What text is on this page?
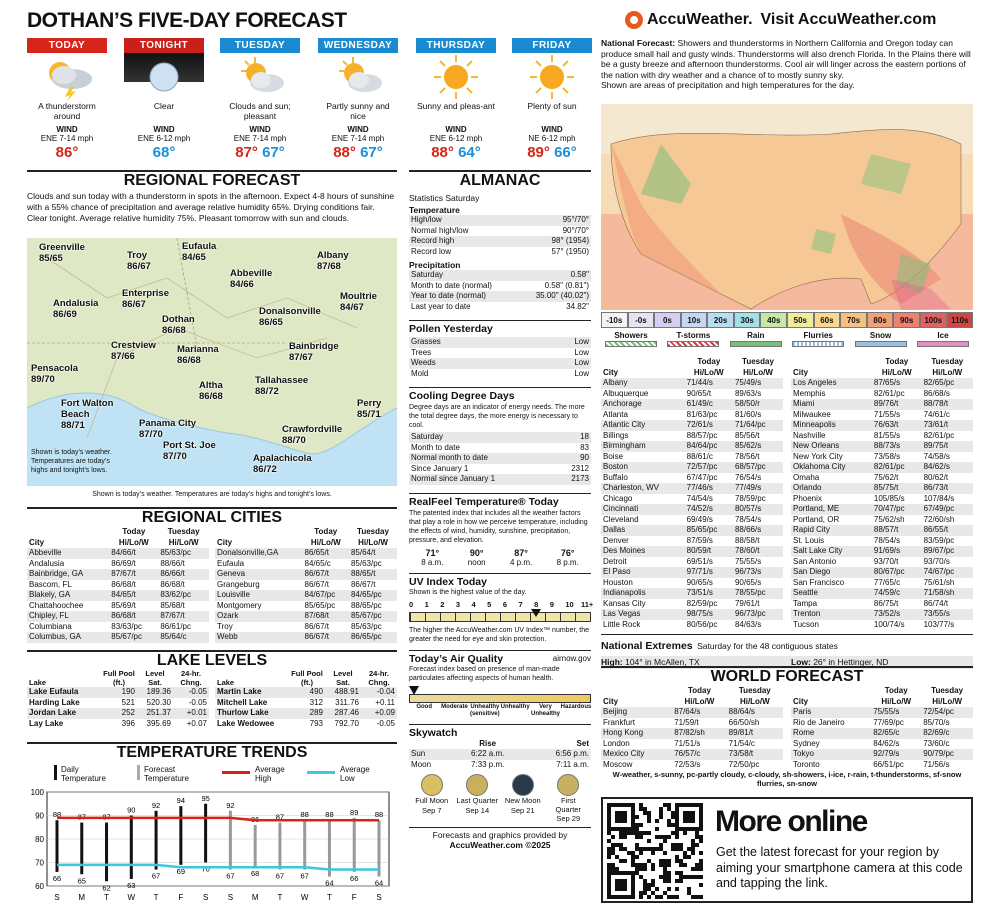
DOTHAN’S FIVE-DAY FORECAST	AccuWeather. Visit AccuWeather.com
TODAY
A thunderstorm around
WIND
ENE 7-14 mph
86°
TONIGHT
Clear
WIND
ENE 6-12 mph
68°
TUESDAY
Clouds and sun; pleasant
WIND
ENE 7-14 mph
87° 67°
WEDNESDAY
Partly sunny and nice
WIND
ENE 7-14 mph
88° 67°
THURSDAY
Sunny and pleas-ant
WIND
ENE 6-12 mph
88° 64°
FRIDAY
Plenty of sun
WIND
NE 6-12 mph
89° 66°
REGIONAL FORECAST
Clouds and sun today with a thunderstorm in spots in the afternoon. Expect 4-8 hours of sunshine with a 55% chance of precipitation and average relative humidity 65%. Drying conditions fair. Clear tonight. Average relative humidity 75%. Pleasant tomorrow with sun and clouds.
Greenville
85/65	Troy
86/67
Eufaula
84/65	Albany
87/68
Abbeville
84/66
Enterprise
86/67
Andalusia
86/69	Dothan
86/68
Donalsonville
86/65
Moultrie
84/67
Crestview
87/66
Marianna
86/68
Bainbridge
87/67
Pensacola
89/70
Altha
86/68
Tallahassee
88/72
Fort Walton Beach
88/71
Perry
85/71
Panama City
87/70	Crawfordville
88/70
Port St. Joe
87/70	Apalachicola
86/72
Shown is today’s weather. Temperatures are today’s highs and tonight’s lows.
Shown is today’s weather. Temperatures are today’s highs and tonight’s lows.
REGIONAL CITIES
	Today	Tuesday
City	Hi/Lo/W	Hi/Lo/W
Abbeville	84/66/t	85/63/pc
Andalusia	86/69/t	88/66/t
Bainbridge, GA	87/67/t	86/66/t
Bascom, FL	86/68/t	86/68/t
Blakely, GA	84/65/t	83/62/pc
Chattahoochee	85/69/t	85/68/t
Chipley, FL	86/68/t	87/67/t
Columbiana	83/63/pc	86/61/pc
Columbus, GA	85/67/pc	85/64/c
	Today	Tuesday
City	Hi/Lo/W	Hi/Lo/W
Donalsonville,GA	86/65/t	85/64/t
Eufaula	84/65/c	85/63/pc
Geneva	86/67/t	88/65/t
Grangeburg	86/67/t	86/67/t
Louisville	84/67/pc	84/65/pc
Montgomery	85/65/pc	88/65/pc
Ozark	87/68/t	85/67/pc
Troy	86/67/t	85/63/pc
Webb	86/67/t	86/65/pc
LAKE LEVELS
Lake	Full Pool (ft.)	Level Sat.	24-hr. Chng.
Lake Eufaula	190	189.36	-0.05
Harding Lake	521	520.30	-0.05
Jordan Lake	252	251.37	+0.01
Lay Lake	396	395.69	+0.07
Lake	Full Pool (ft.)	Level Sat.	24-hr. Chng.
Martin Lake	490	488.91	-0.04
Mitchell Lake	312	311.76	+0.11
Thurlow Lake	289	287.46	+0.09
Lake Wedowee	793	792.70	-0.05
TEMPERATURE TRENDS
Daily Temperature
Forecast Temperature
Average High
Average Low
100
90
80
70
60
88
66
S
87
65
M
87
62
T
90
63
W
92
67
T
94
69
F
95
70
S
92
67
S
86
68
M
87
67
T
88
67
W
88
64
T
89
66
F
88
64
S
ALMANAC
Statistics Saturday
Temperature
High/low	95°/70°
Normal high/low	90°/70°
Record high	98° (1954)
Record low	57° (1950)
Precipitation
Saturday	0.58"
Month to date (normal)	0.58" (0.81")
Year to date (normal)	35.00" (40.02")
Last year to date	34.82"
Pollen Yesterday
Grasses	Low
Trees	Low
Weeds	Low
Mold	Low
Cooling Degree Days
Degree days are an indicator of energy needs. The more the total degree days, the more energy is necessary to cool.
Saturday	18
Month to date	83
Normal month to date	90
Since January 1	2312
Normal since January 1	2173
RealFeel Temperature® Today
The patented index that includes all the weather factors that play a role in how we perceive temperature, including the effects of wind, humidity, sunshine, precipitation, pressure, and elevation.
71°
8 a.m.
90°
noon
87°
4 p.m.
76°
8 p.m.
UV Index Today
Shown is the highest value of the day.
0 1 2 3 4 5 6 7 8 9 10 11+
The higher the AccuWeather.com UV Index™ number, the greater the need for eye and skin protection.
Today’s Air Quality	airnow.gov
Forecast index based on presence of man-made particulates affecting aspects of human health.
Good	Moderate Unhealthy (sensitive)
Unhealthy	Very Unhealthy
Hazardous
Skywatch
	Rise	Set
Sun	6:22 a.m.	6:56 p.m.
Moon	7:33 p.m.	7:11 a.m.
Full Moon
Sep 7
Last Quarter
Sep 14
New Moon
Sep 21
First Quarter
Sep 29
Forecasts and graphics provided by
AccuWeather.com ©2025
National Forecast: Showers and thunderstorms in Northern California and Oregon today can produce small hail and gusty winds. Thunderstorms will also drench Florida. In the Plains there will be a gusty breeze and afternoon thunderstorms. Cool air will linger across the eastern portions of the nation with dry weather and a chance of to mostly sunny sky.
Shown are areas of precipitation and high temperatures for the day.
-10s	-0s	0s	10s	20s	30s	40s	50s	60s	70s	80s	90s	100s	110s
Showers	T-storms	Rain	Flurries	Snow	Ice
	Today	Tuesday
City	Hi/Lo/W	Hi/Lo/W
Albany	71/44/s	75/49/s
Albuquerque	90/65/t	89/63/s
Anchorage	61/49/c	58/50/r
Atlanta	81/63/pc	81/60/s
Atlantic City	72/61/s	71/64/pc
Billings	88/57/pc	85/56/t
Birmingham	84/64/pc	85/62/s
Boise	88/61/c	78/56/t
Boston	72/57/pc	68/57/pc
Buffalo	67/47/pc	76/54/s
Charleston, WV	77/46/s	77/49/s
Chicago	74/54/s	78/59/pc
Cincinnati	74/52/s	80/57/s
Cleveland	69/49/s	78/54/s
Dallas	85/65/pc	88/66/s
Denver	87/59/s	88/58/t
Des Moines	80/59/t	78/60/t
Detroit	69/51/s	75/55/s
El Paso	97/71/s	96/73/s
Houston	90/65/s	90/65/s
Indianapolis	73/51/s	78/55/pc
Kansas City	82/59/pc	79/61/t
Las Vegas	98/75/s	96/73/pc
Little Rock	80/56/pc	84/63/s
	Today	Tuesday
City	Hi/Lo/W	Hi/Lo/W
Los Angeles	87/65/s	82/65/pc
Memphis	82/61/pc	86/68/s
Miami	89/76/t	88/78/t
Milwaukee	71/55/s	74/61/c
Minneapolis	76/63/t	73/61/t
Nashville	81/55/s	82/61/pc
New Orleans	88/73/s	89/75/t
New York City	73/58/s	74/58/s
Oklahoma City	82/61/pc	84/62/s
Omaha	75/62/t	80/62/t
Orlando	85/75/t	86/73/t
Phoenix	105/85/s	107/84/s
Portland, ME	70/47/pc	67/49/pc
Portland, OR	75/62/sh	72/60/sh
Rapid City	88/57/t	86/55/t
St. Louis	78/54/s	83/59/pc
Salt Lake City	91/69/s	89/67/pc
San Antonio	93/70/t	93/70/s
San Diego	80/67/pc	74/67/pc
San Francisco	77/65/c	75/61/sh
Seattle	74/59/c	71/58/sh
Tampa	86/75/t	86/74/t
Trenton	73/52/s	73/55/s
Tucson	100/74/s	103/77/s
National Extremes Saturday for the 48 contiguous states
High: 104° in McAllen, TX	Low: 26° in Hettinger, ND
WORLD FORECAST
	Today	Tuesday
City	Hi/Lo/W	Hi/Lo/W
Beijing	87/64/s	88/64/s
Frankfurt	71/59/t	66/50/sh
Hong Kong	87/82/sh	89/81/t
London	71/51/s	71/54/c
Mexico City	76/57/c	73/58/t
Moscow	72/53/s	72/50/pc
	Today	Tuesday
City	Hi/Lo/W	Hi/Lo/W
Paris	75/55/s	72/54/pc
Rio de Janeiro	77/69/pc	85/70/s
Rome	82/65/c	82/69/c
Sydney	84/62/s	73/60/c
Tokyo	92/79/s	90/79/pc
Toronto	66/51/pc	71/56/s
W-weather, s-sunny, pc-partly cloudy, c-cloudy, sh-showers, i-ice, r-rain, t-thunderstorms, sf-snow flurries, sn-snow
More online
Get the latest forecast for your region by aiming your smartphone camera at this code and tapping the link.
